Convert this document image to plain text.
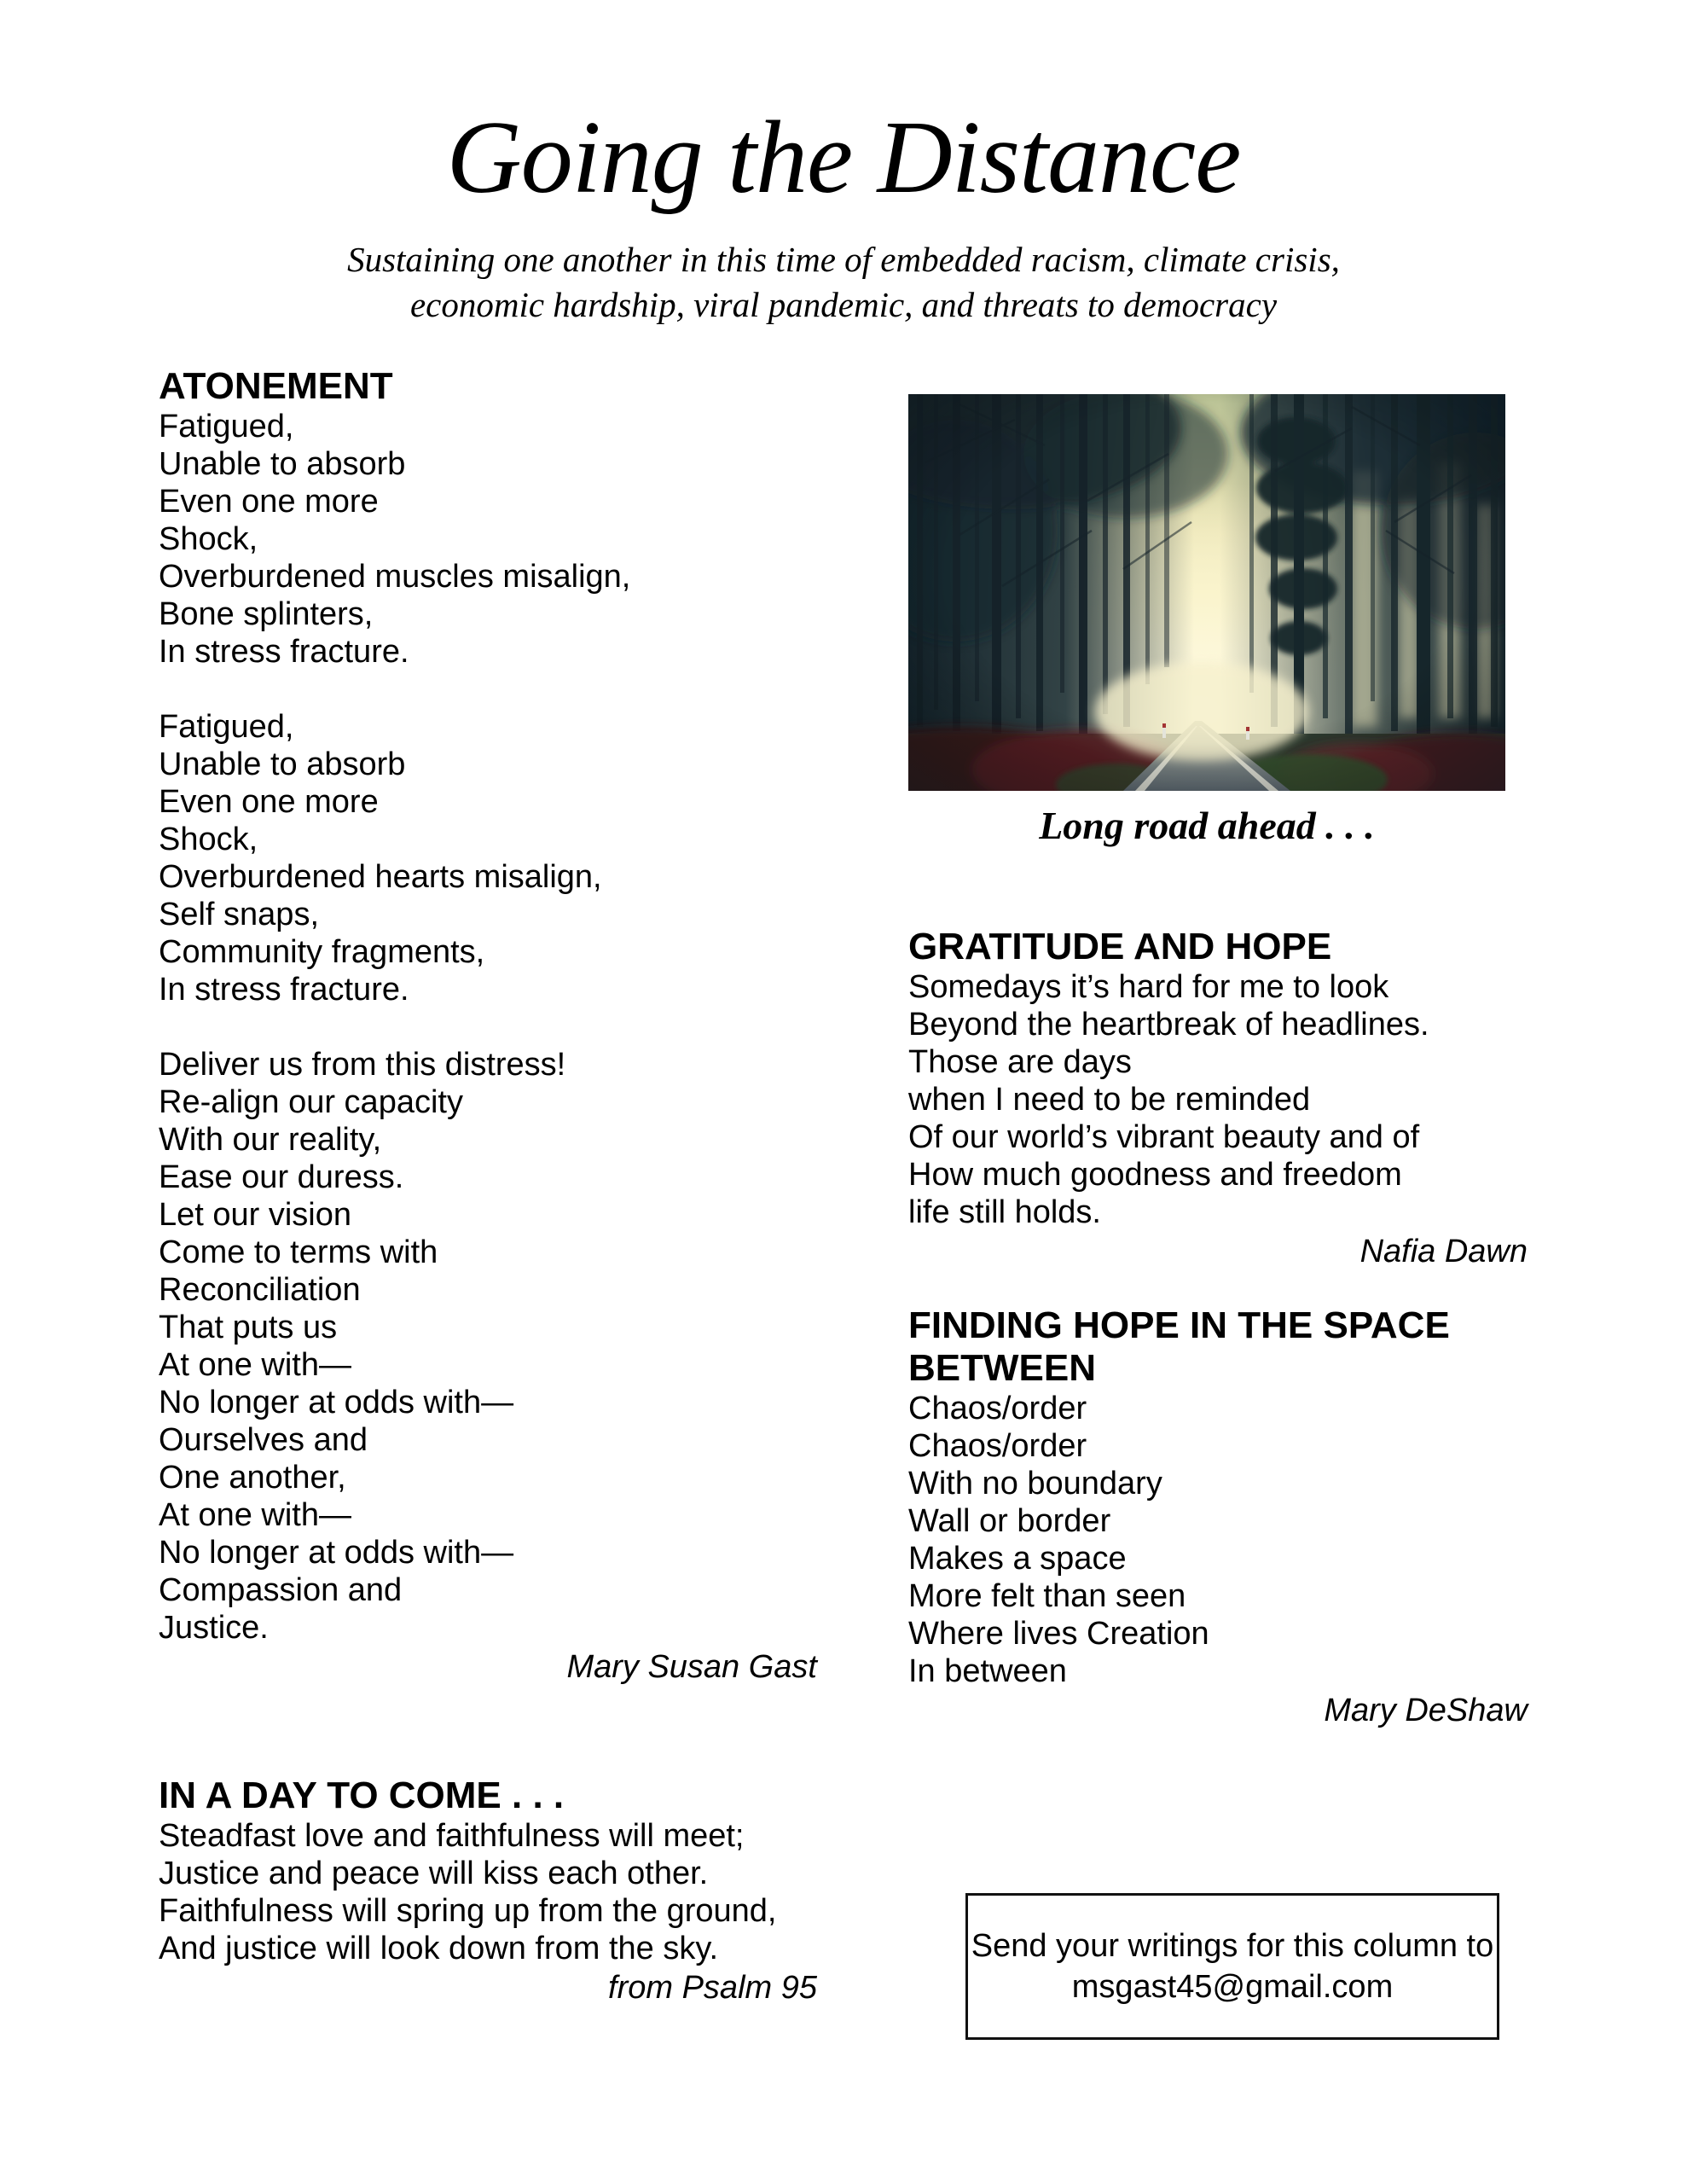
Going the Distance
Sustaining one another in this time of embedded racism, climate crisis,
economic hardship, viral pandemic, and threats to democracy
ATONEMENT
Fatigued,
Unable to absorb
Even one more
Shock,
Overburdened muscles misalign,
Bone splinters,
In stress fracture.
Fatigued,
Unable to absorb
Even one more
Shock,
Overburdened hearts misalign,
Self snaps,
Community fragments,
In stress fracture.
Deliver us from this distress!
Re-align our capacity
With our reality,
Ease our duress.
Let our vision
Come to terms with
Reconciliation
That puts us
At one with—
No longer at odds with—
Ourselves and
One another,
At one with—
No longer at odds with—
Compassion and
Justice.
Mary Susan Gast
IN A DAY TO COME . . .
Steadfast love and faithfulness will meet;
Justice and peace will kiss each other.
Faithfulness will spring up from the ground,
And justice will look down from the sky.
from Psalm 95
Long road ahead . . .
GRATITUDE AND HOPE
Somedays it’s hard for me to look
Beyond the heartbreak of headlines.
Those are days
when I need to be reminded
Of our world’s vibrant beauty and of
How much goodness and freedom
life still holds.
Nafia Dawn
FINDING HOPE IN THE SPACE BETWEEN
Chaos/order
Chaos/order
With no boundary
Wall or border
Makes a space
More felt than seen
Where lives Creation
In between
Mary DeShaw
Send your writings for this column to
msgast45@gmail.com
